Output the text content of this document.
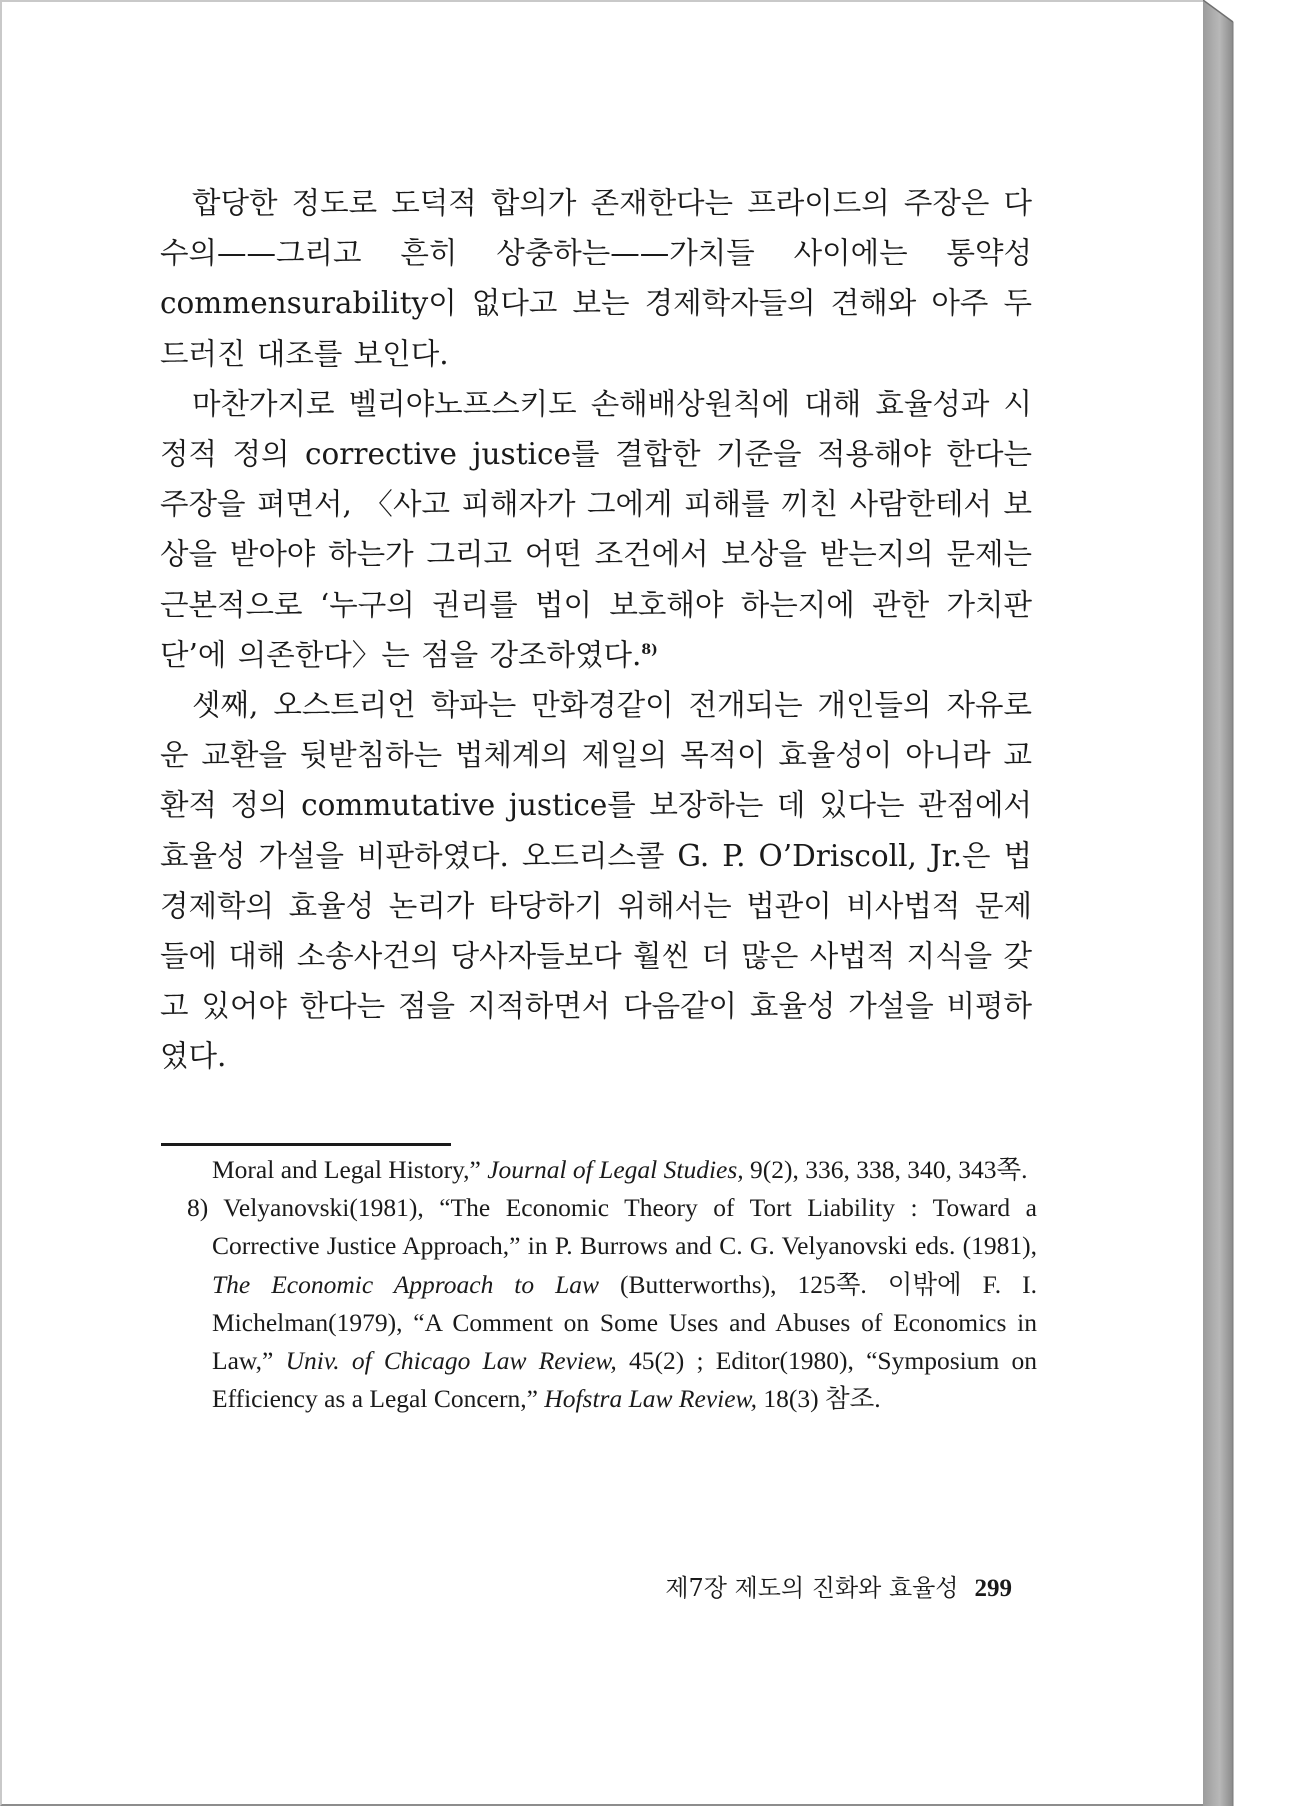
합당한 정도로 도덕적 합의가 존재한다는 프라이드의 주장은 다수의——그리고 흔히 상충하는——가치들 사이에는 통약성 commensurability이 없다고 보는 경제학자들의 견해와 아주 두드러진 대조를 보인다.

마찬가지로 벨리야노프스키도 손해배상원칙에 대해 효율성과 시정적 정의 corrective justice를 결합한 기준을 적용해야 한다는 주장을 펴면서, 〈사고 피해자가 그에게 피해를 끼친 사람한테서 보상을 받아야 하는가 그리고 어떤 조건에서 보상을 받는지의 문제는 근본적으로 ‘누구의 권리를 법이 보호해야 하는지에 관한 가치판단’에 의존한다〉는 점을 강조하였다.$^{8)}$

셋째, 오스트리언 학파는 만화경같이 전개되는 개인들의 자유로운 교환을 뒷받침하는 법체계의 제일의 목적이 효율성이 아니라 교환적 정의 commutative justice를 보장하는 데 있다는 관점에서 효율성 가설을 비판하였다. 오드리스콜 G. P. O’Driscoll, Jr.은 법 경제학의 효율성 논리가 타당하기 위해서는 법관이 비사법적 문제들에 대해 소송사건의 당사자들보다 훨씬 더 많은 사법적 지식을 갖고 있어야 한다는 점을 지적하면서 다음같이 효율성 가설을 비평하였다.

Moral and Legal History,” Journal of Legal Studies, 9(2), 336, 338, 340, 343쪽.

8) Velyanovski(1981), “The Economic Theory of Tort Liability : Toward a Corrective Justice Approach,” in P. Burrows and C. G. Velyanovski eds. (1981), The Economic Approach to Law (Butterworths), 125쪽. 이밖에 F. I. Michelman(1979), “A Comment on Some Uses and Abuses of Economics in Law,” Univ. of Chicago Law Review, 45(2) ; Editor(1980), “Symposium on Efficiency as a Legal Concern,” Hofstra Law Review, 18(3) 참조.

제7장 제도의 진화와 효율성 299
